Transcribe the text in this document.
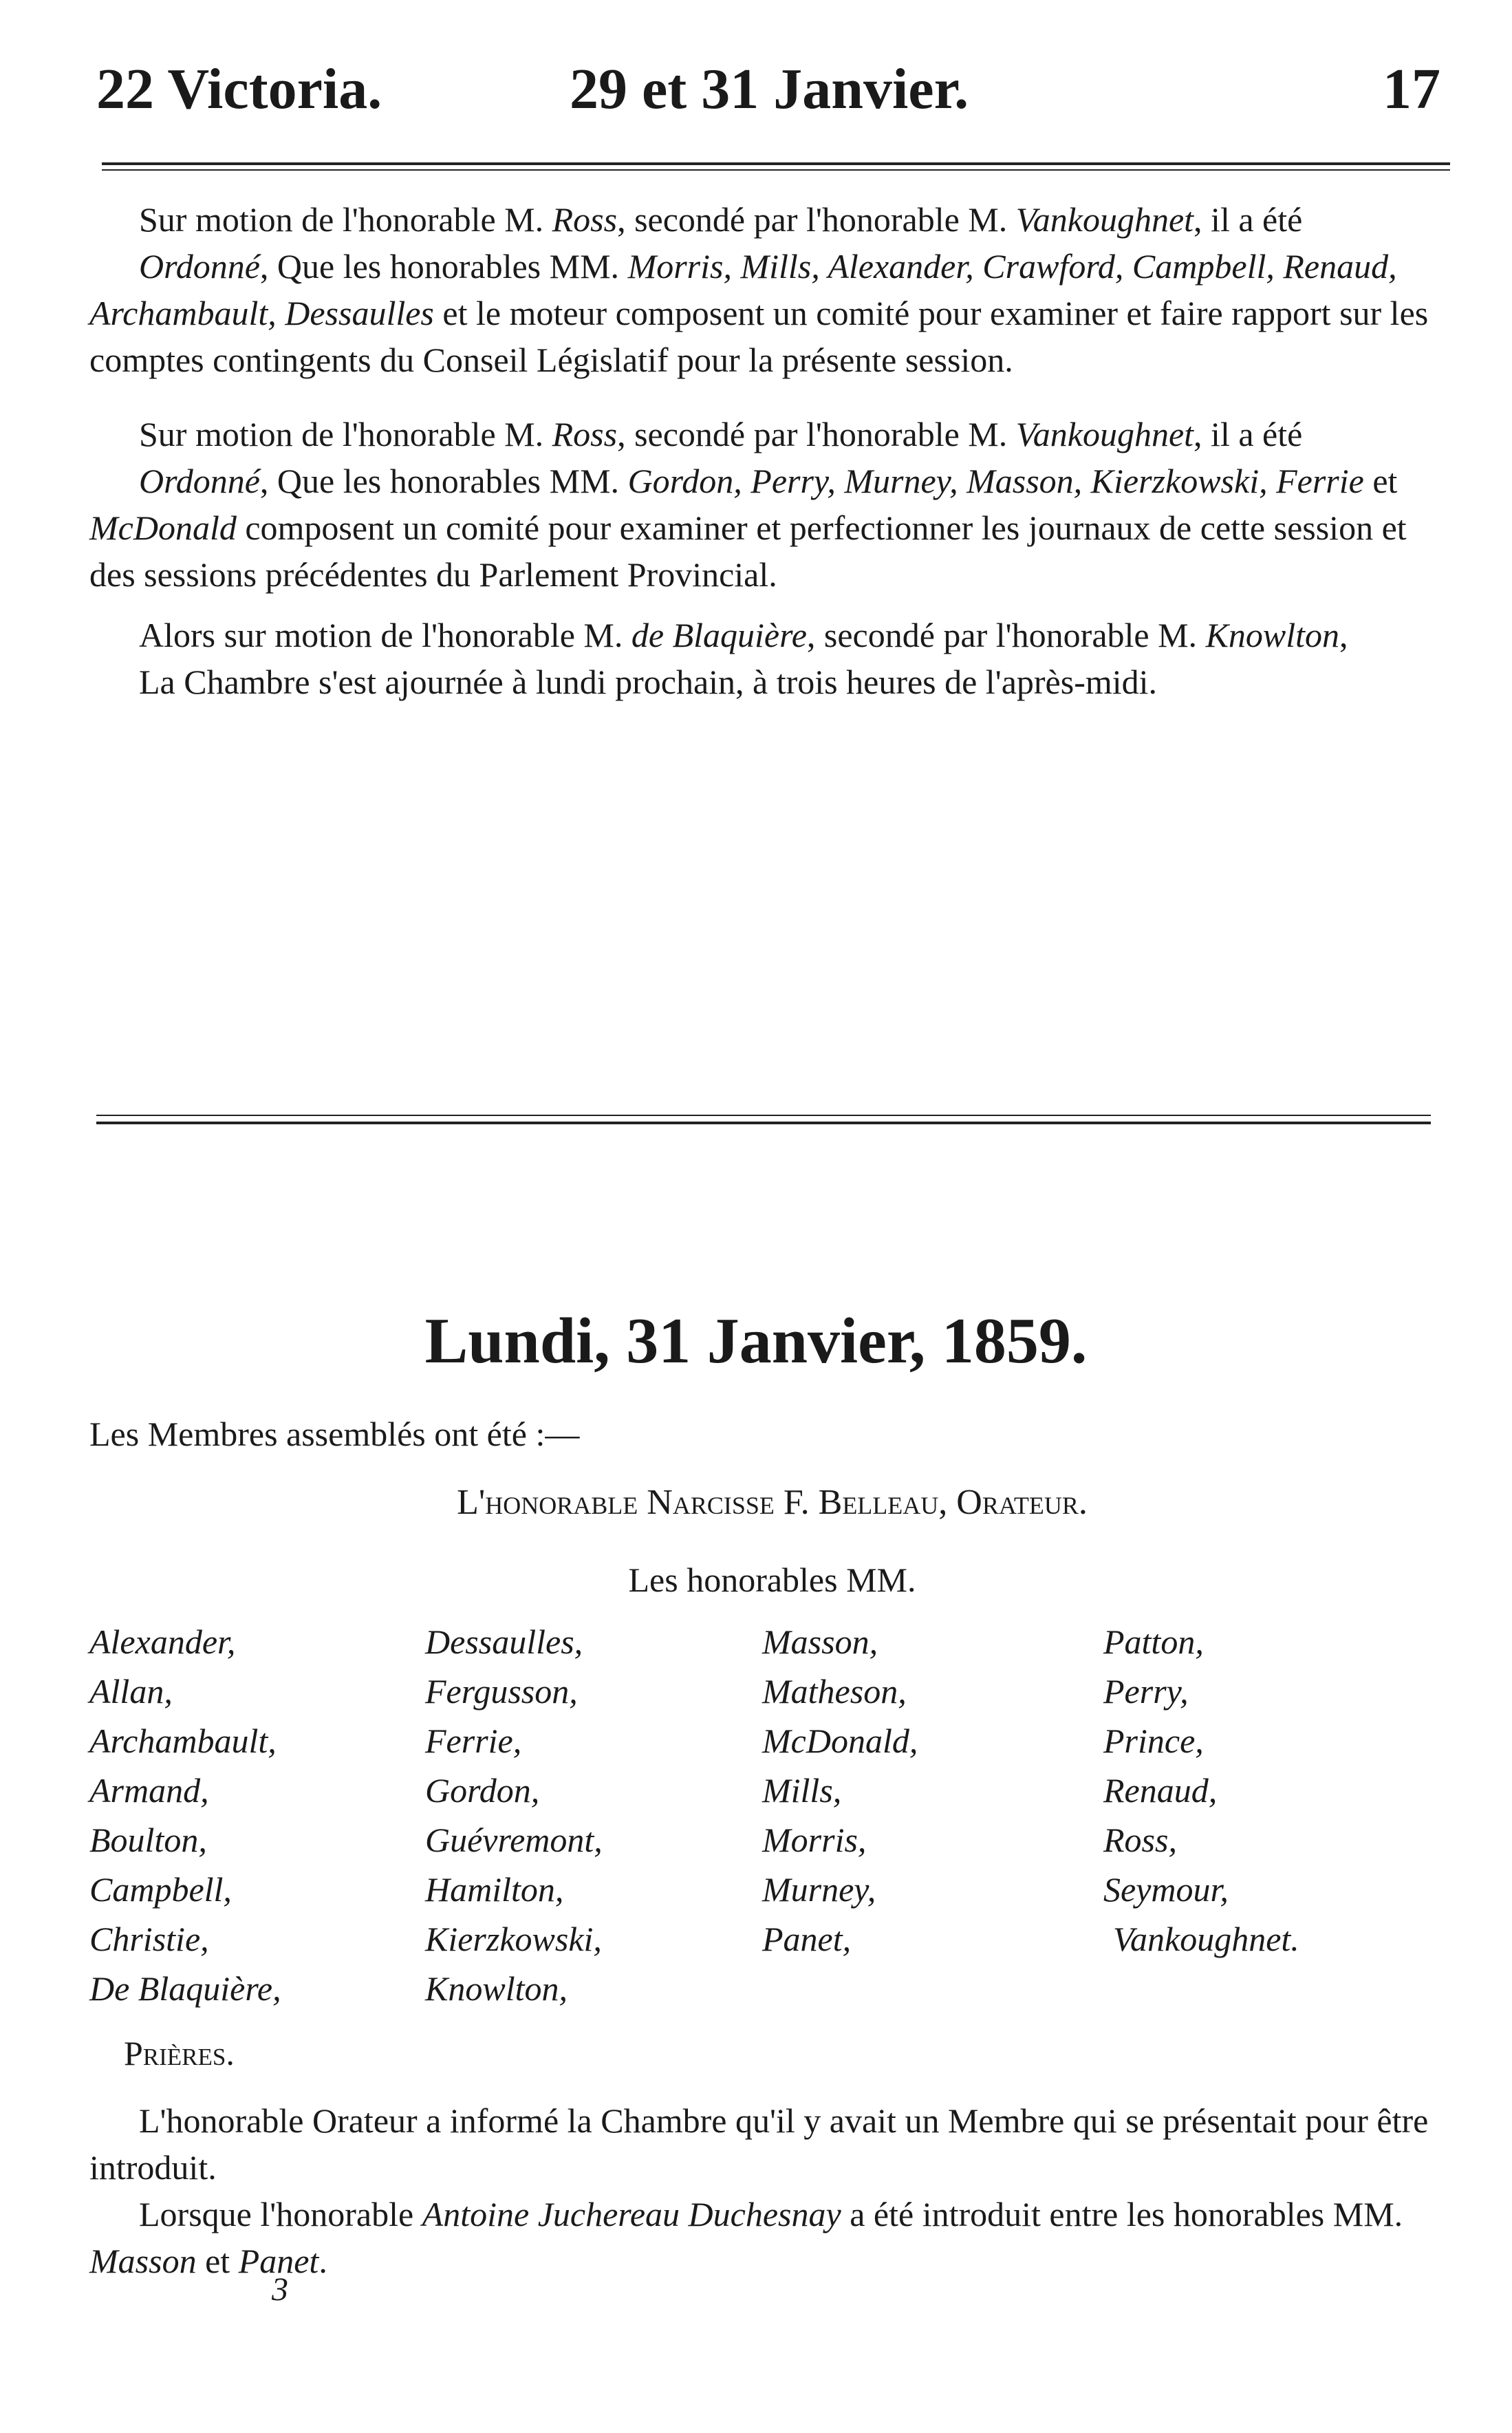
22 Victoria.	29 et 31 Janvier.	17

Sur motion de l'honorable M. Ross, secondé par l'honorable M. Vankoughnet, il a été

Ordonné, Que les honorables MM. Morris, Mills, Alexander, Crawford, Campbell, Renaud, Archambault, Dessaulles et le moteur composent un comité pour examiner et faire rapport sur les comptes contingents du Conseil Législatif pour la présente session.

Sur motion de l'honorable M. Ross, secondé par l'honorable M. Vankoughnet, il a été

Ordonné, Que les honorables MM. Gordon, Perry, Murney, Masson, Kierzkowski, Ferrie et McDonald composent un comité pour examiner et perfectionner les journaux de cette session et des sessions précédentes du Parlement Provincial.

Alors sur motion de l'honorable M. de Blaquière, secondé par l'honorable M. Knowlton,

La Chambre s'est ajournée à lundi prochain, à trois heures de l'après-midi.

Lundi, 31 Janvier, 1859.

Les Membres assemblés ont été :—

L'honorable Narcisse F. Belleau, Orateur.
Les honorables MM.
Alexander,
Allan,
Archambault,
Armand,
Boulton,
Campbell,
Christie,
De Blaquière,
Dessaulles,
Fergusson,
Ferrie,
Gordon,
Guévremont,
Hamilton,
Kierzkowski,
Knowlton,
Masson,
Matheson,
McDonald,
Mills,
Morris,
Murney,
Panet,
Patton,
Perry,
Prince,
Renaud,
Ross,
Seymour,
Vankoughnet.

Prières.

L'honorable Orateur a informé la Chambre qu'il y avait un Membre qui se présentait pour être introduit.

Lorsque l'honorable Antoine Juchereau Duchesnay a été introduit entre les honorables MM. Masson et Panet.

3
